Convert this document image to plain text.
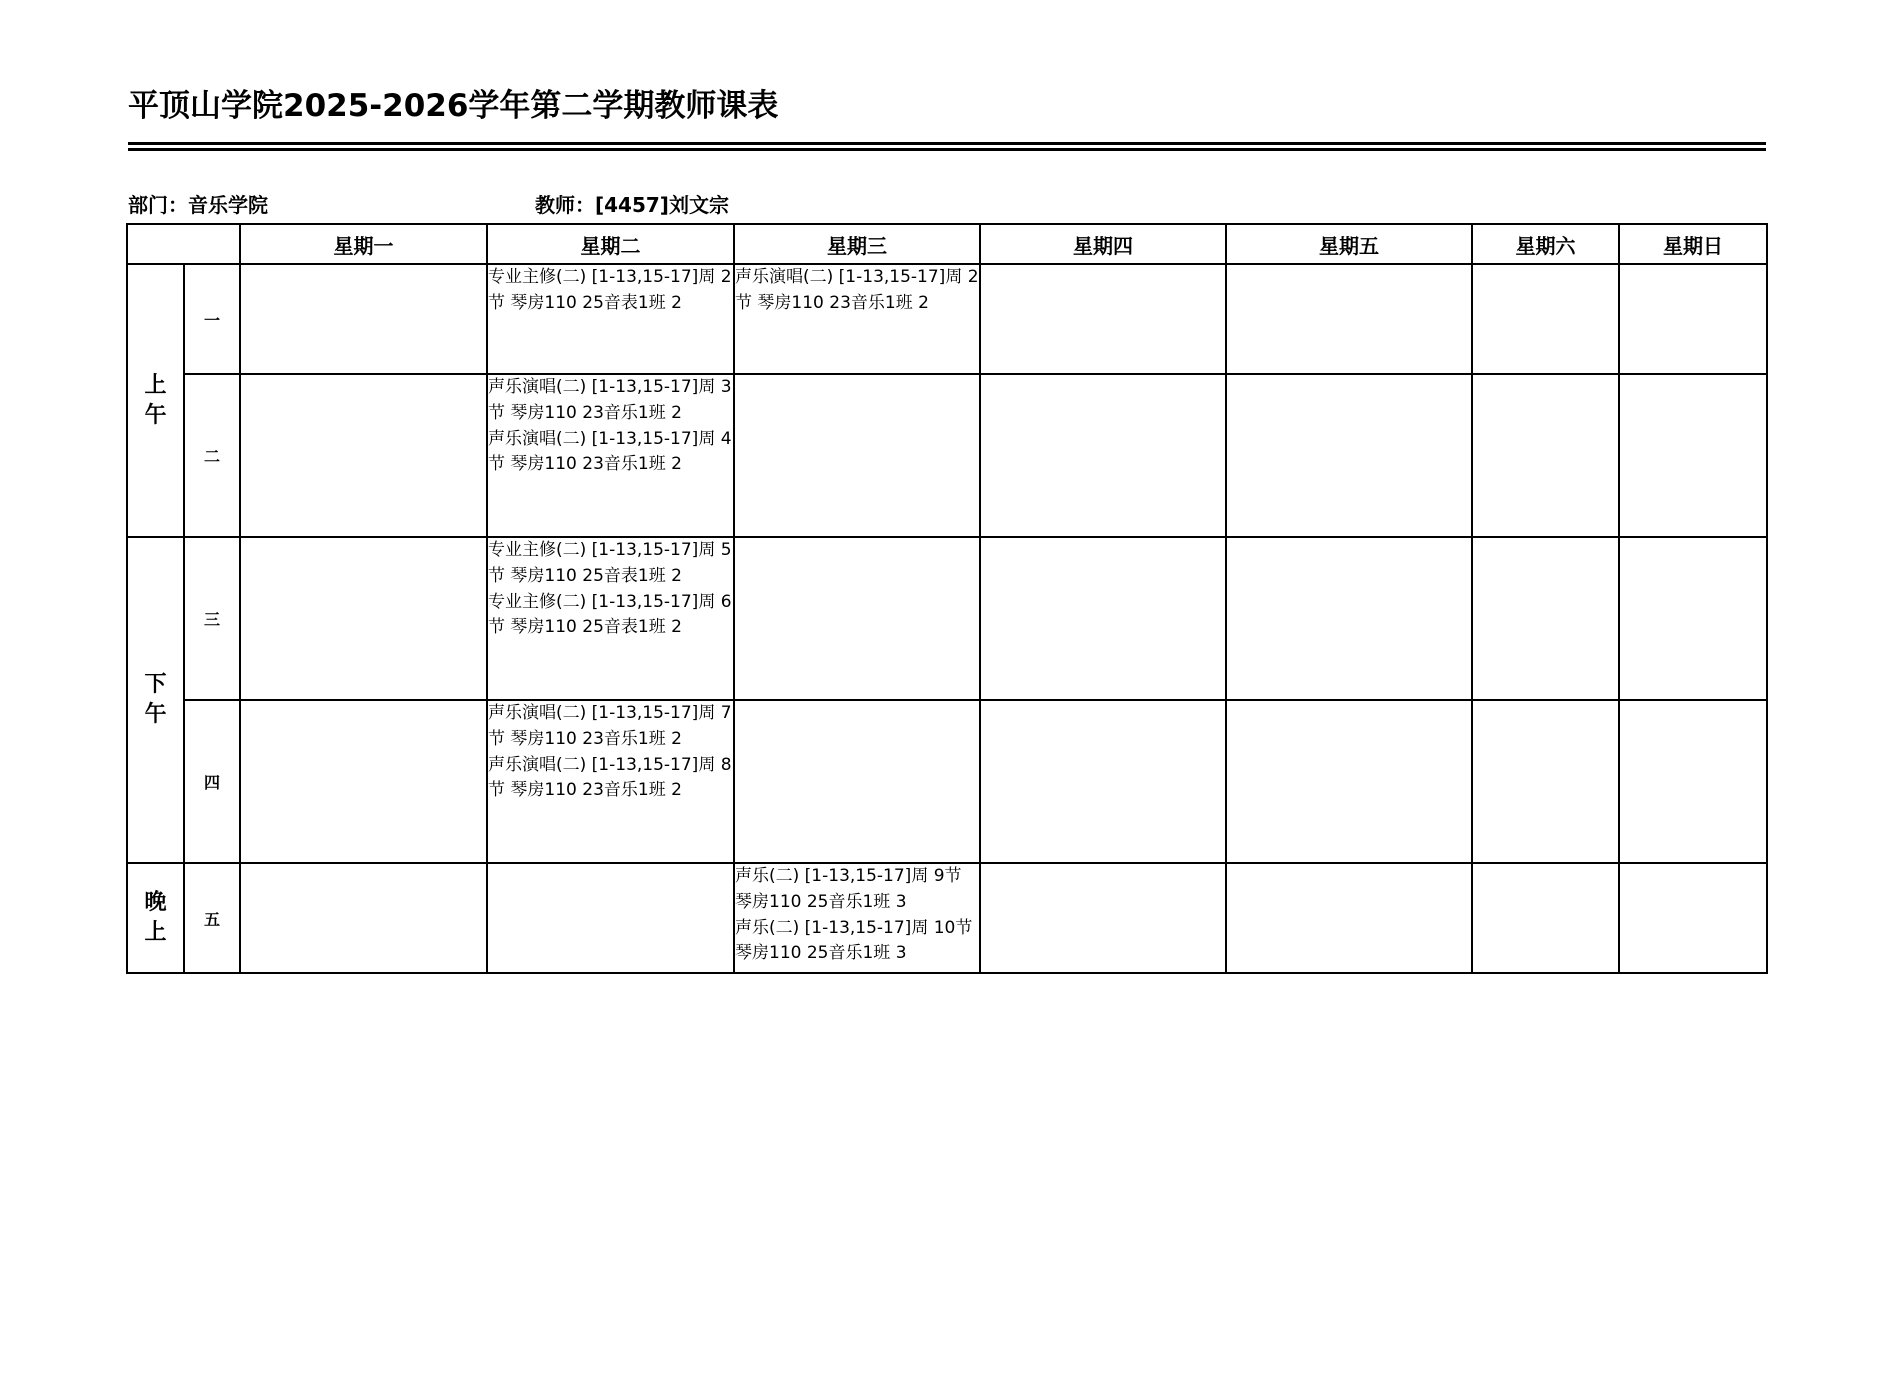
平顶山学院2025-2026学年第二学期教师课表
部门：音乐学院	教师：[4457]刘文宗
		星期一	星期二	星期三	星期四	星期五	星期六	星期日

上午	一		专业主修(二) [1-13,15-17]周 2节 琴房110 25音表1班 2	声乐演唱(二) [1-13,15-17]周 2节 琴房110 23音乐1班 2				

	二		声乐演唱(二) [1-13,15-17]周 3节 琴房110 23音乐1班 2
声乐演唱(二) [1-13,15-17]周 4节 琴房110 23音乐1班 2					

下午	三		专业主修(二) [1-13,15-17]周 5节 琴房110 25音表1班 2
专业主修(二) [1-13,15-17]周 6节 琴房110 25音表1班 2					

	四		声乐演唱(二) [1-13,15-17]周 7节 琴房110 23音乐1班 2
声乐演唱(二) [1-13,15-17]周 8节 琴房110 23音乐1班 2					

晚上	五			声乐(二) [1-13,15-17]周 9节 琴房110 25音乐1班 3
声乐(二) [1-13,15-17]周 10节 琴房110 25音乐1班 3				
